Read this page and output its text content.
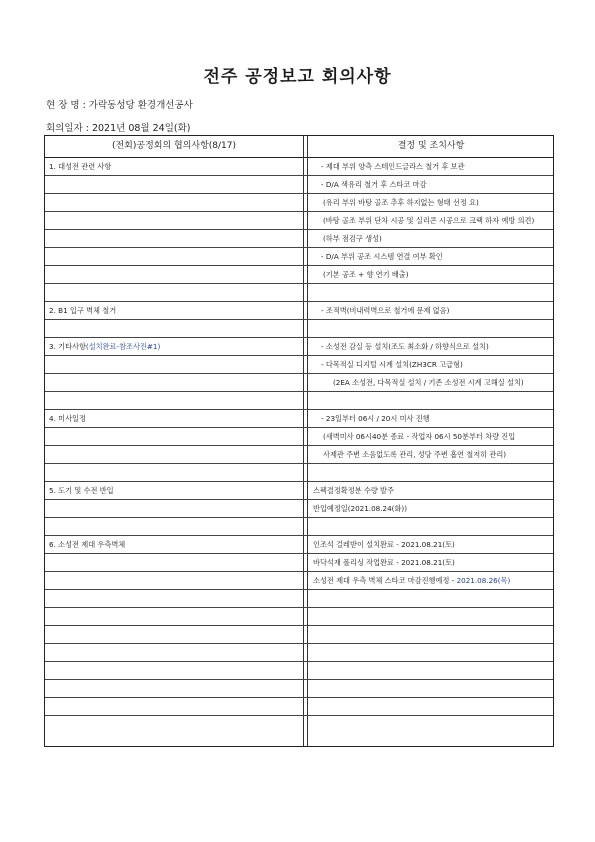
전주 공정보고 회의사항
현 장 명 : 가락동성당 환경개선공사
회의일자 : 2021년 08월 24일(화)
(전회)공정회의 협의사항(8/17)	결정 및 조치사항
1. 대성전 관련 사항	- 제대 부위 양측 스테인드글라스 철거 후 보관
- D/A 색유리 철거 후 스타코 마감
(유리 부위 바탕 골조 추후 하지없는 형태 선정 요)
(바탕 골조 부위 단차 시공 및 실리콘 시공으로 크랙 하자 예방 의견)
(하부 점검구 생성)
- D/A 부위 공조 시스템 연결 여부 확인
(기본 공조 + 향 연기 배출)
2. B1 입구 벽체 철거	- 조적벽(비내력벽으로 철거에 문제 없음)
3. 기타사항(설치완료-참조사진#1)	- 소성전 감실 등 설치(조도 최소화 / 하향식으로 설치)
- 다목적실 디지털 시계 설치(ZH3CR 고급형)
(2EA 소성전, 다목적실 설치 / 기존 소성전 시계 고해실 설치)
4. 미사일정	- 23일부터 06시 / 20시 미사 진행
(새벽미사 06시40분 종료 - 작업자 06시 50분부터 차량 진입
사제관 주변 소음없도록 관리, 성당 주변 흡연 철저히 관리)
5. 도기 및 수전 반입	스펙결정확정분 수량 발주
반입예정일(2021.08.24(화))
6. 소성전 제대 우측벽체	인조석 걸레받이 설치완료 - 2021.08.21(토)
바닥석재 폴리싱 작업완료 - 2021.08.21(토)
소성전 제대 우측 벽체 스타코 마감진행예정 - 2021.08.26(목)
